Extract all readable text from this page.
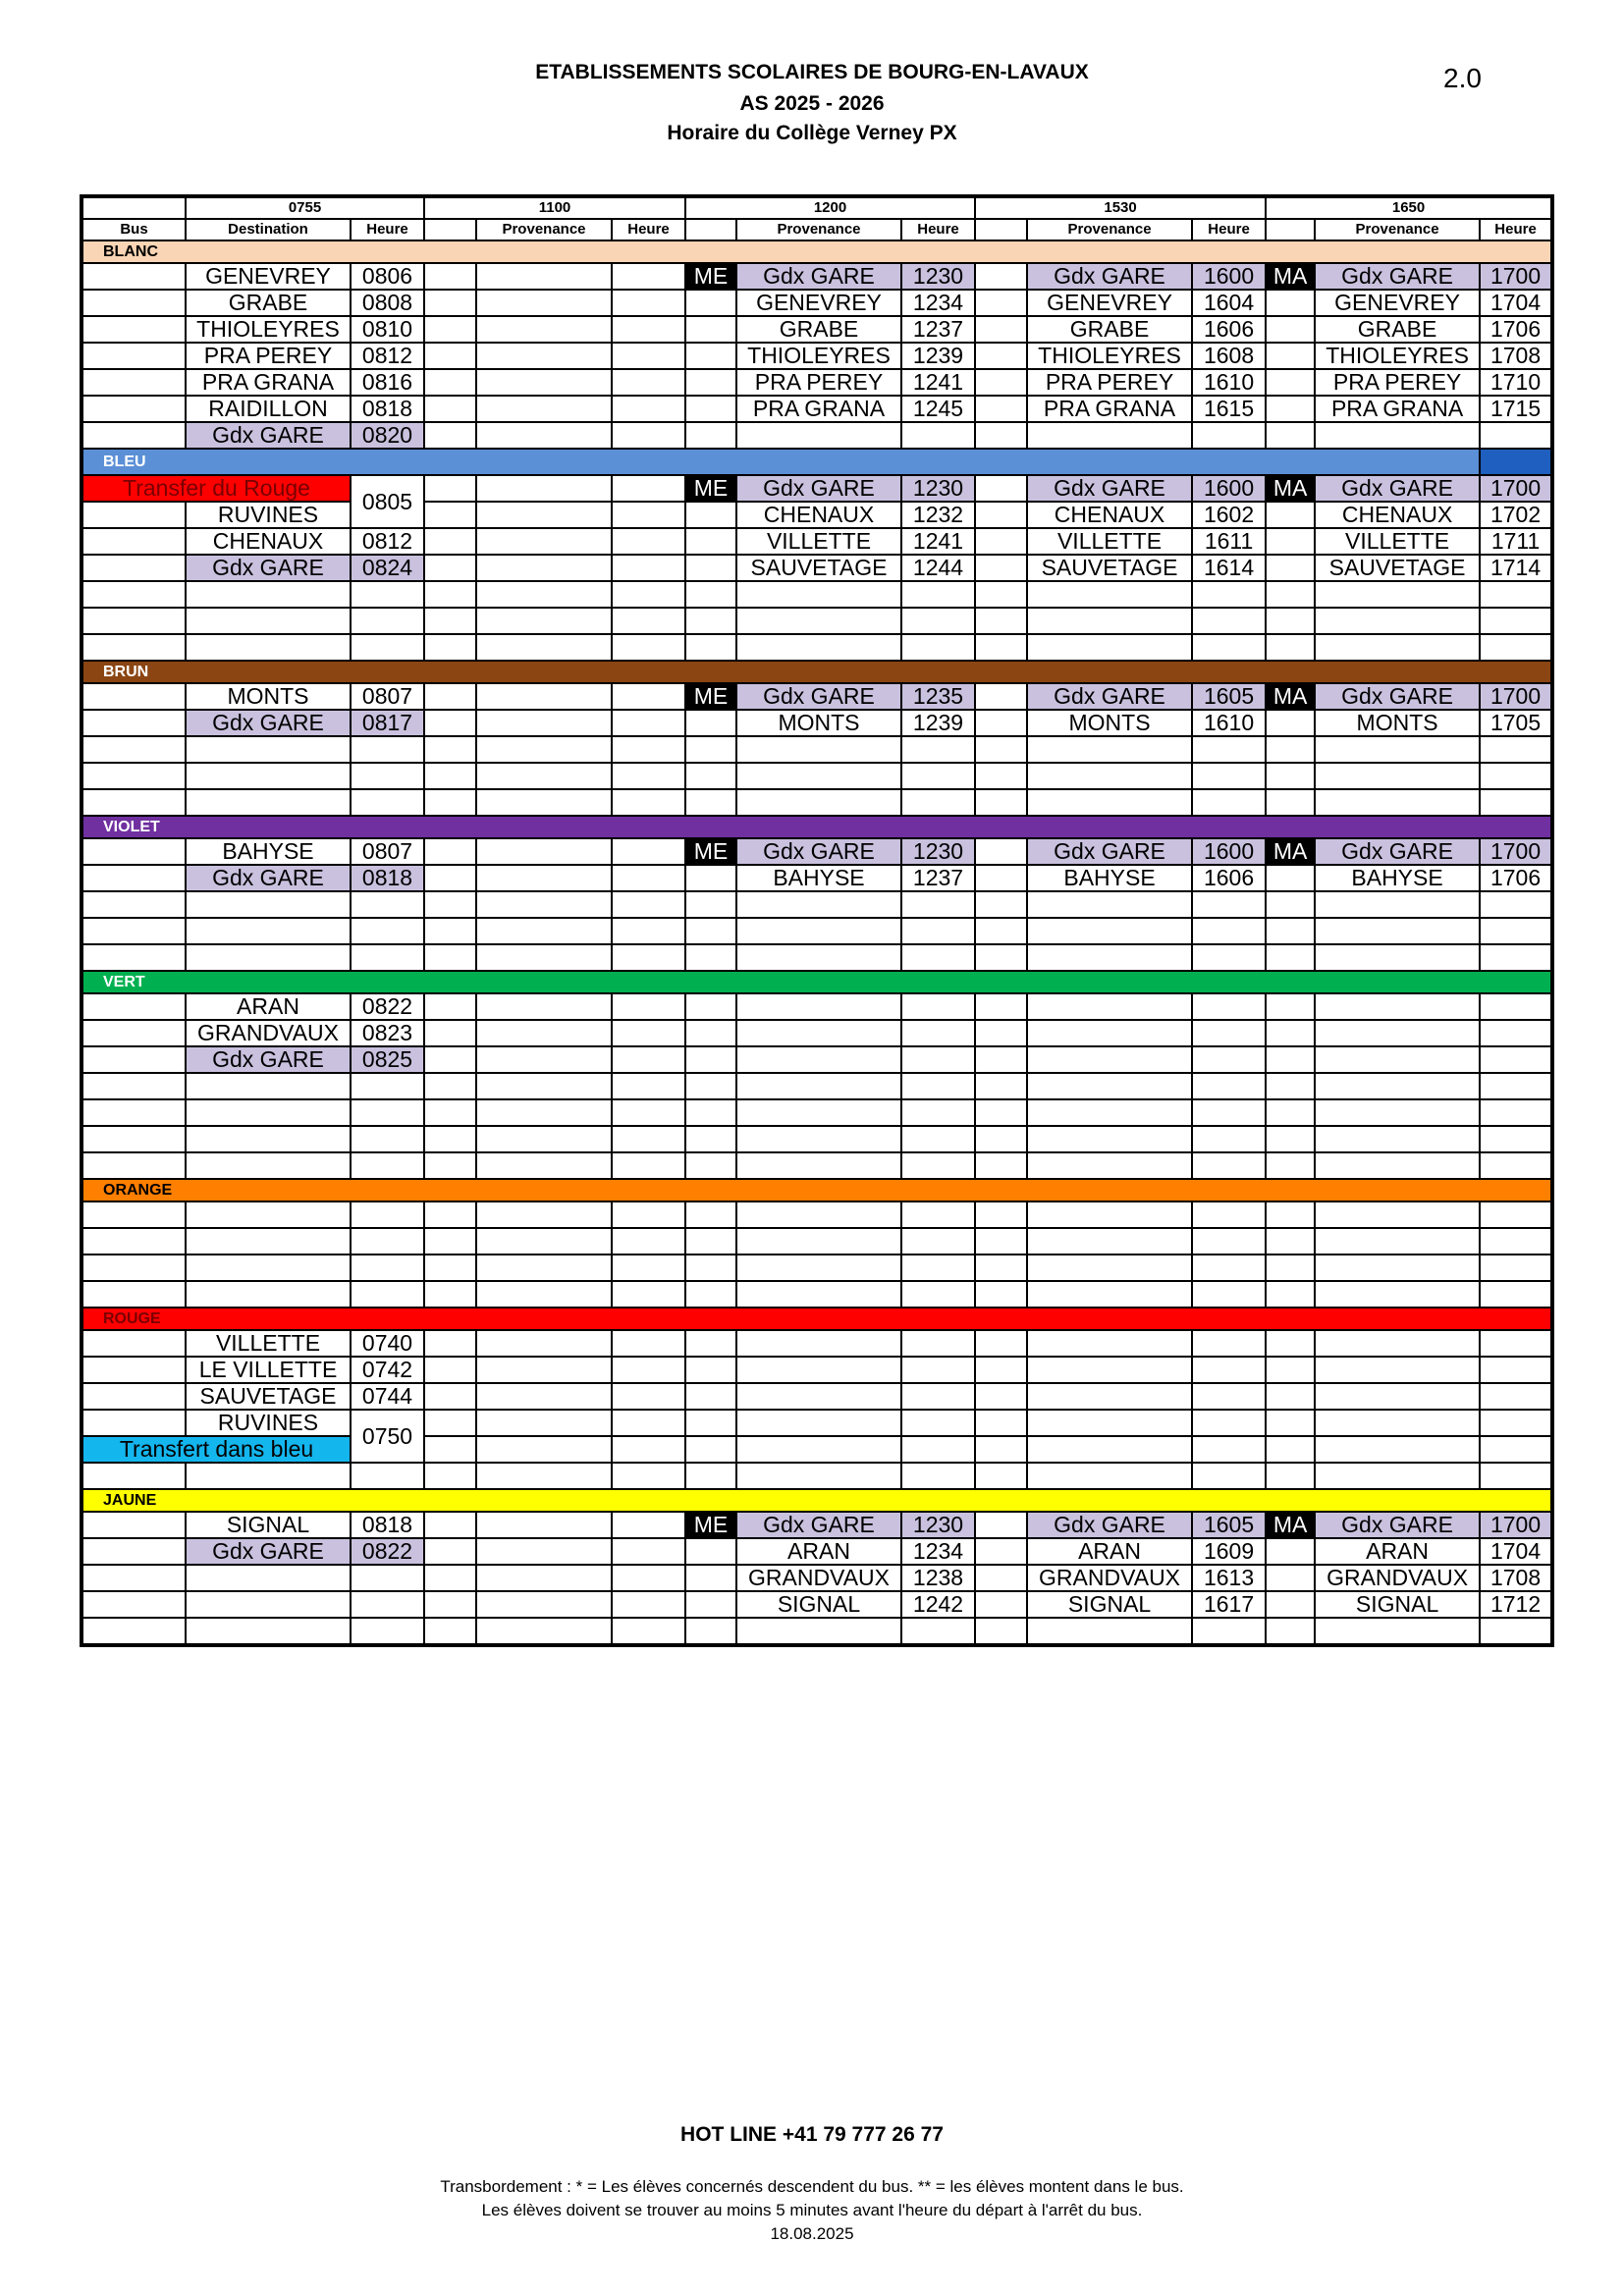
ETABLISSEMENTS SCOLAIRES DE BOURG-EN-LAVAUX
AS 2025 - 2026
Horaire du Collège Verney PX
2.0
	0755		1100			1200			1530			1650		
Bus	Destination	Heure		Provenance	Heure		Provenance	Heure		Provenance	Heure		Provenance	Heure
BLANC														
	GENEVREY	0806				ME	Gdx GARE	1230		Gdx GARE	1600	MA	Gdx GARE	1700
	GRABE	0808					GENEVREY	1234		GENEVREY	1604		GENEVREY	1704
	THIOLEYRES	0810					GRABE	1237		GRABE	1606		GRABE	1706
	PRA PEREY	0812					THIOLEYRES	1239		THIOLEYRES	1608		THIOLEYRES	1708
	PRA GRANA	0816					PRA PEREY	1241		PRA PEREY	1610		PRA PEREY	1710
	RAIDILLON	0818					PRA GRANA	1245		PRA GRANA	1615		PRA GRANA	1715
	Gdx GARE	0820												
BLEU														
Transfer du Rouge		0805				ME	Gdx GARE	1230		Gdx GARE	1600	MA	Gdx GARE	1700
	RUVINES						CHENAUX	1232		CHENAUX	1602		CHENAUX	1702
	CHENAUX	0812					VILLETTE	1241		VILLETTE	1611		VILLETTE	1711
	Gdx GARE	0824					SAUVETAGE	1244		SAUVETAGE	1614		SAUVETAGE	1714

BRUN														
	MONTS	0807				ME	Gdx GARE	1235		Gdx GARE	1605	MA	Gdx GARE	1700
	Gdx GARE	0817					MONTS	1239		MONTS	1610		MONTS	1705

VIOLET														
	BAHYSE	0807				ME	Gdx GARE	1230		Gdx GARE	1600	MA	Gdx GARE	1700
	Gdx GARE	0818					BAHYSE	1237		BAHYSE	1606		BAHYSE	1706

VERT														
	ARAN	0822												
	GRANDVAUX	0823												
	Gdx GARE	0825												

ORANGE														

ROUGE														
	VILLETTE	0740												
	LE VILLETTE	0742												
	SAUVETAGE	0744												
	RUVINES	0750												
Transfert dans bleu														

JAUNE														
	SIGNAL	0818				ME	Gdx GARE	1230		Gdx GARE	1605	MA	Gdx GARE	1700
	Gdx GARE	0822					ARAN	1234		ARAN	1609		ARAN	1704
							GRANDVAUX	1238		GRANDVAUX	1613		GRANDVAUX	1708
							SIGNAL	1242		SIGNAL	1617		SIGNAL	1712

HOT LINE +41 79 777 26 77
Transbordement : * = Les élèves concernés descendent du bus. ** = les élèves montent dans le bus.
Les élèves doivent se trouver au moins 5 minutes avant l'heure du départ à l'arrêt du bus.
18.08.2025
